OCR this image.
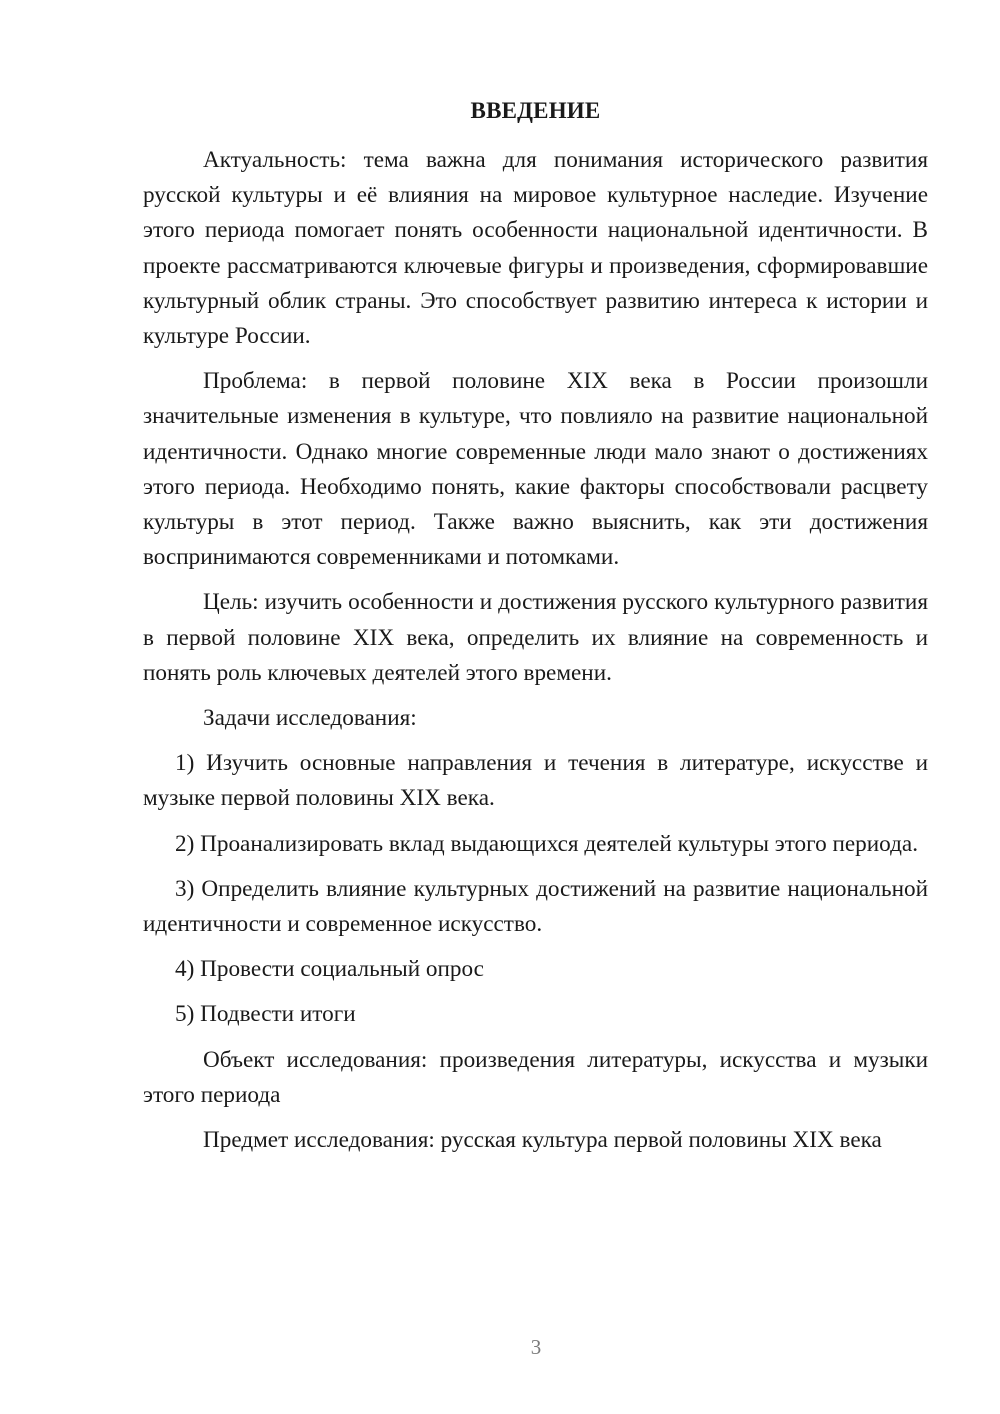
ВВЕДЕНИЕ

Актуальность: тема важна для понимания исторического развития русской культуры и её влияния на мировое культурное наследие. Изучение этого периода помогает понять особенности национальной идентичности. В проекте рассматриваются ключевые фигуры и произведения, сформировавшие культурный облик страны. Это способствует развитию интереса к истории и культуре России.

Проблема: в первой половине XIX века в России произошли значительные изменения в культуре, что повлияло на развитие национальной идентичности. Однако многие современные люди мало знают о достижениях этого периода. Необходимо понять, какие факторы способствовали расцвету культуры в этот период. Также важно выяснить, как эти достижения воспринимаются современниками и потомками.

Цель: изучить особенности и достижения русского культурного развития в первой половине XIX века, определить их влияние на современность и понять роль ключевых деятелей этого времени.

Задачи исследования:

1) Изучить основные направления и течения в литературе, искусстве и музыке первой половины XIX века.

2) Проанализировать вклад выдающихся деятелей культуры этого периода.

3) Определить влияние культурных достижений на развитие национальной идентичности и современное искусство.

4) Провести социальный опрос

5) Подвести итоги

Объект исследования: произведения литературы, искусства и музыки этого периода

Предмет исследования: русская культура первой половины XIX века

3
